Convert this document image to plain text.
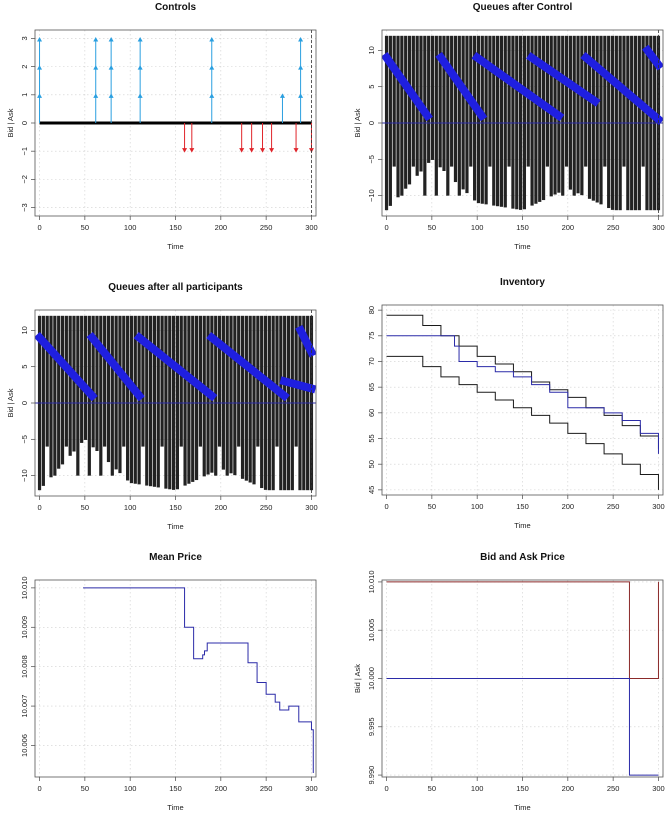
Controls
0	50	100	150	200	250	300
−3
−2
−1
0
1
2
3
Time
Bid | Ask
Queues after Control
0	50	100	150	200	250	300
−10
−5
0
5
10
Time
Bid | Ask
Queues after all participants
0	50	100	150	200	250	300
−10
−5
0
5
10
Time
Bid | Ask
Inventory
0	50	100	150	200	250	300
45
50
55
60
65
70
75
80
Time
Mean Price
0	50	100	150	200	250	300
10.006
10.007
10.008
10.009
10.010
Time
Bid and Ask Price
0	50	100	150	200	250	300
9.990
9.995
10.000
10.005
10.010
Time
Bid | Ask
